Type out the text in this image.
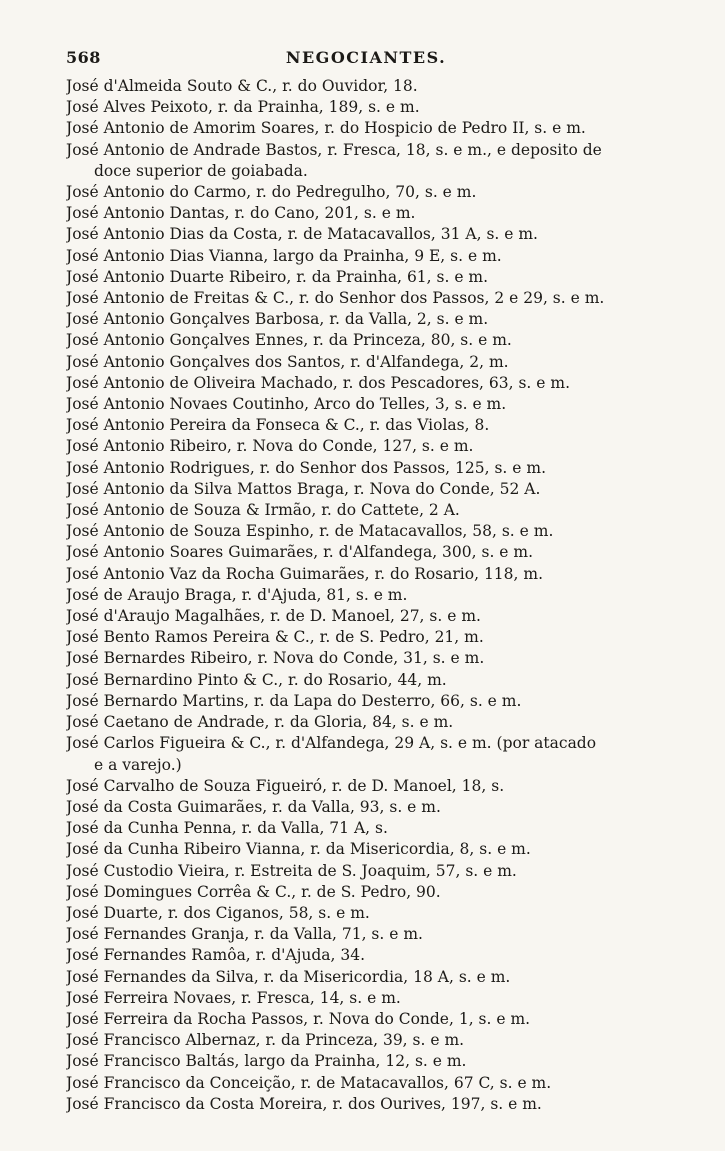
568	NEGOCIANTES.
José d'Almeida Souto & C., r. do Ouvidor, 18.
José Alves Peixoto, r. da Prainha, 189, s. e m.
José Antonio de Amorim Soares, r. do Hospicio de Pedro II, s. e m.
José Antonio de Andrade Bastos, r. Fresca, 18, s. e m., e deposito de
doce superior de goiabada.
José Antonio do Carmo, r. do Pedregulho, 70, s. e m.
José Antonio Dantas, r. do Cano, 201, s. e m.
José Antonio Dias da Costa, r. de Matacavallos, 31 A, s. e m.
José Antonio Dias Vianna, largo da Prainha, 9 E, s. e m.
José Antonio Duarte Ribeiro, r. da Prainha, 61, s. e m.
José Antonio de Freitas & C., r. do Senhor dos Passos, 2 e 29, s. e m.
José Antonio Gonçalves Barbosa, r. da Valla, 2, s. e m.
José Antonio Gonçalves Ennes, r. da Princeza, 80, s. e m.
José Antonio Gonçalves dos Santos, r. d'Alfandega, 2, m.
José Antonio de Oliveira Machado, r. dos Pescadores, 63, s. e m.
José Antonio Novaes Coutinho, Arco do Telles, 3, s. e m.
José Antonio Pereira da Fonseca & C., r. das Violas, 8.
José Antonio Ribeiro, r. Nova do Conde, 127, s. e m.
José Antonio Rodrigues, r. do Senhor dos Passos, 125, s. e m.
José Antonio da Silva Mattos Braga, r. Nova do Conde, 52 A.
José Antonio de Souza & Irmão, r. do Cattete, 2 A.
José Antonio de Souza Espinho, r. de Matacavallos, 58, s. e m.
José Antonio Soares Guimarães, r. d'Alfandega, 300, s. e m.
José Antonio Vaz da Rocha Guimarães, r. do Rosario, 118, m.
José de Araujo Braga, r. d'Ajuda, 81, s. e m.
José d'Araujo Magalhães, r. de D. Manoel, 27, s. e m.
José Bento Ramos Pereira & C., r. de S. Pedro, 21, m.
José Bernardes Ribeiro, r. Nova do Conde, 31, s. e m.
José Bernardino Pinto & C., r. do Rosario, 44, m.
José Bernardo Martins, r. da Lapa do Desterro, 66, s. e m.
José Caetano de Andrade, r. da Gloria, 84, s. e m.
José Carlos Figueira & C., r. d'Alfandega, 29 A, s. e m. (por atacado
e a varejo.)
José Carvalho de Souza Figueiró, r. de D. Manoel, 18, s.
José da Costa Guimarães, r. da Valla, 93, s. e m.
José da Cunha Penna, r. da Valla, 71 A, s.
José da Cunha Ribeiro Vianna, r. da Misericordia, 8, s. e m.
José Custodio Vieira, r. Estreita de S. Joaquim, 57, s. e m.
José Domingues Corrêa & C., r. de S. Pedro, 90.
José Duarte, r. dos Ciganos, 58, s. e m.
José Fernandes Granja, r. da Valla, 71, s. e m.
José Fernandes Ramôa, r. d'Ajuda, 34.
José Fernandes da Silva, r. da Misericordia, 18 A, s. e m.
José Ferreira Novaes, r. Fresca, 14, s. e m.
José Ferreira da Rocha Passos, r. Nova do Conde, 1, s. e m.
José Francisco Albernaz, r. da Princeza, 39, s. e m.
José Francisco Baltás, largo da Prainha, 12, s. e m.
José Francisco da Conceição, r. de Matacavallos, 67 C, s. e m.
José Francisco da Costa Moreira, r. dos Ourives, 197, s. e m.
